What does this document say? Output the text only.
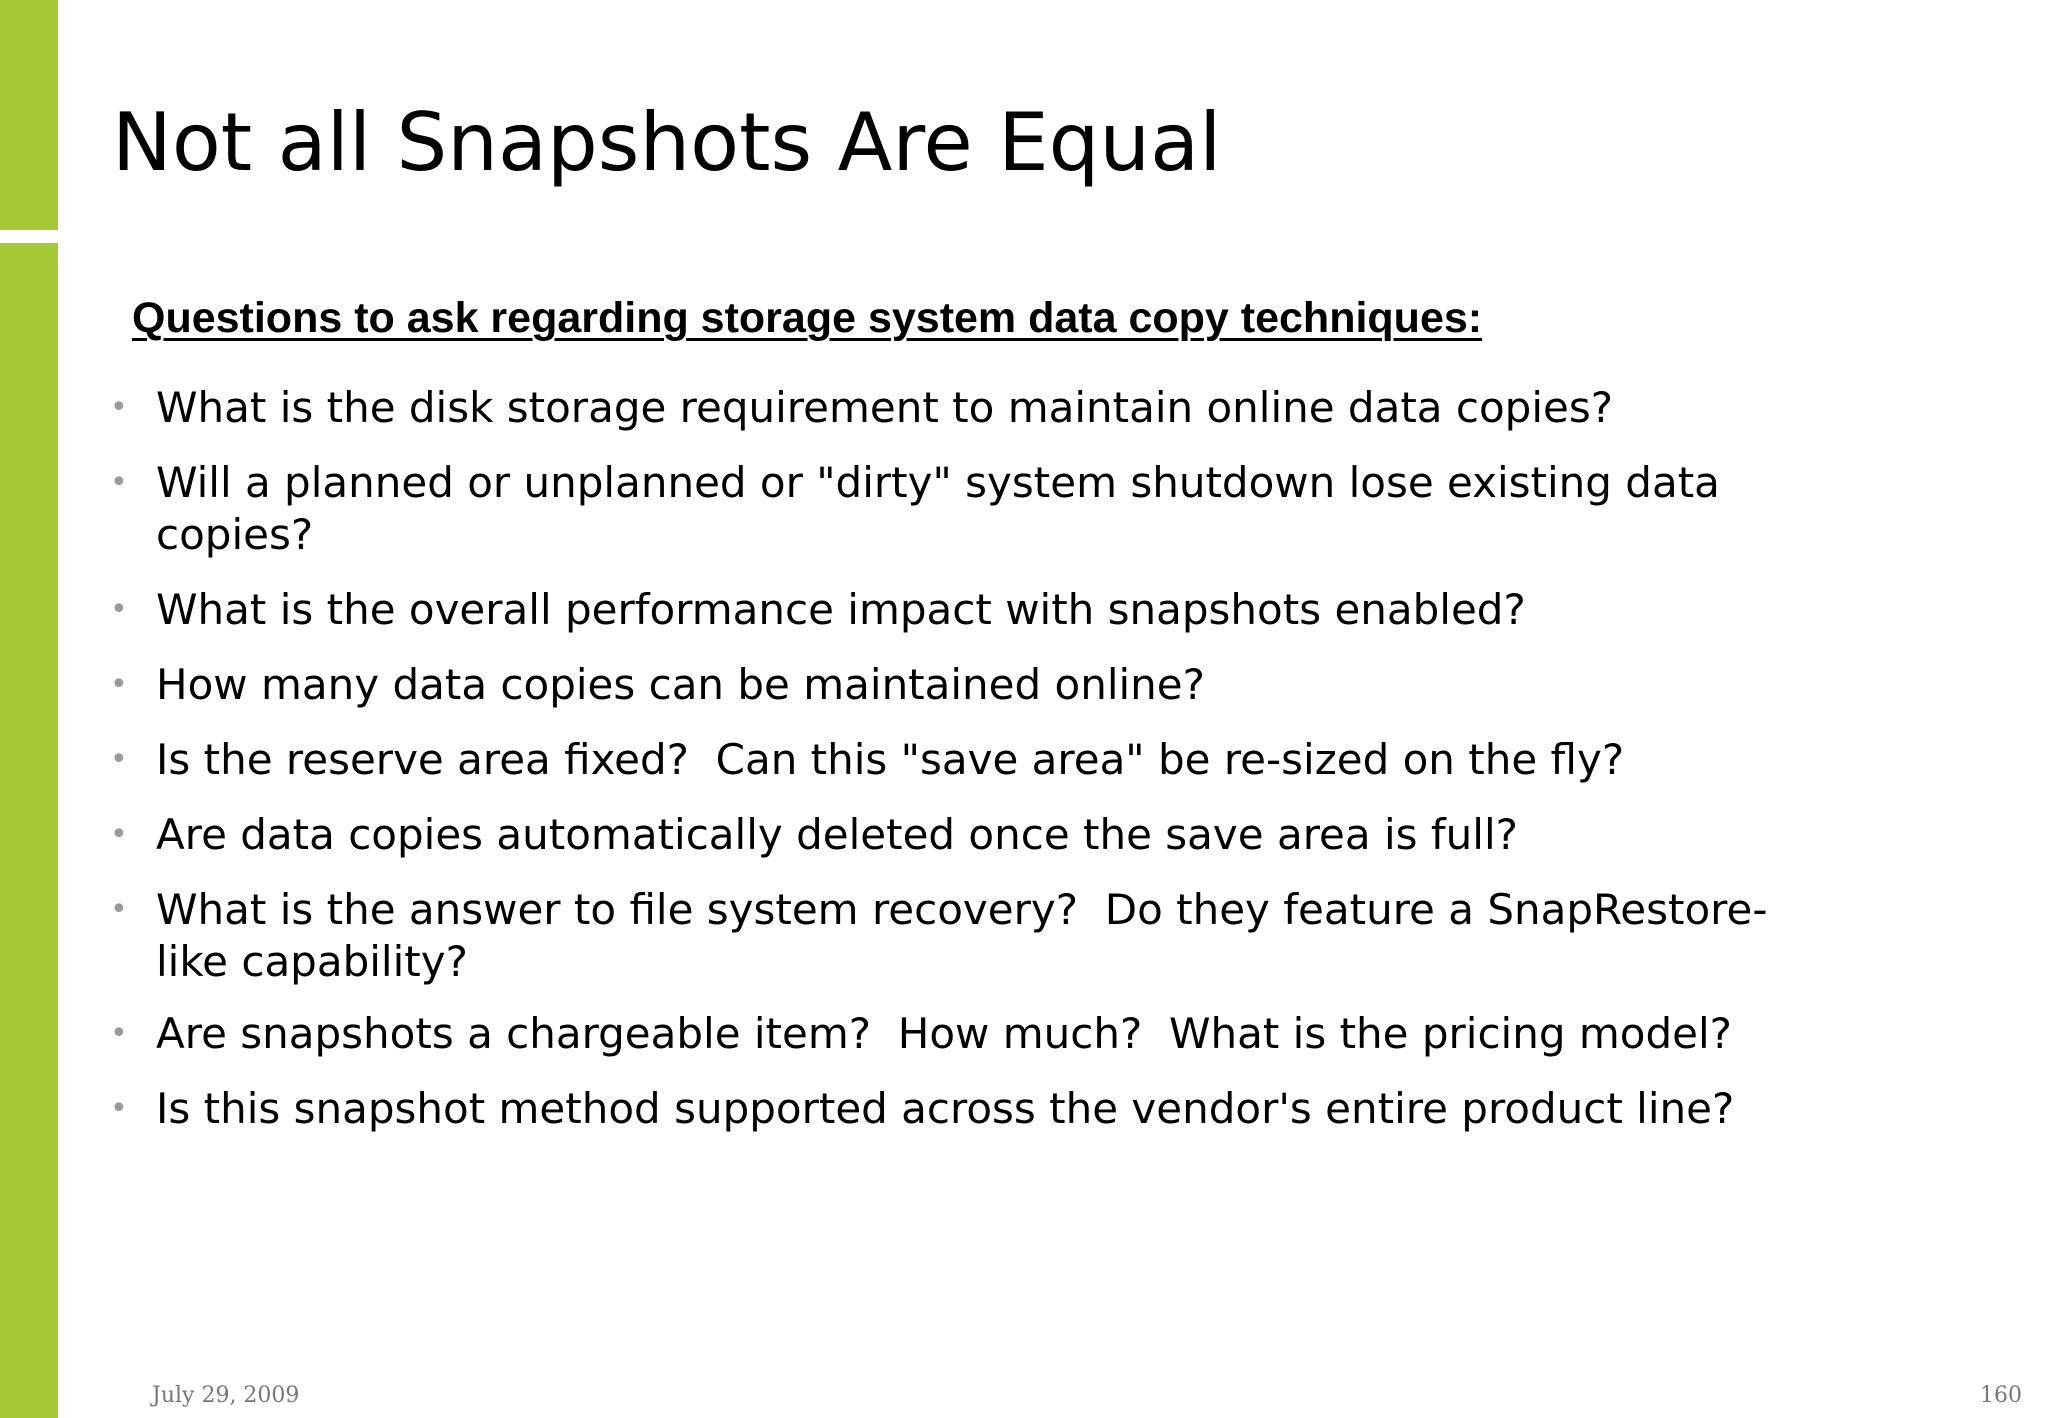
Not all Snapshots Are Equal
Questions to ask regarding storage system data copy techniques:
• What is the disk storage requirement to maintain online data copies?
• Will a planned or unplanned or "dirty" system shutdown lose existing data copies?
• What is the overall performance impact with snapshots enabled?
• How many data copies can be maintained online?
• Is the reserve area fixed?  Can this "save area" be re-sized on the fly?
• Are data copies automatically deleted once the save area is full?
• What is the answer to file system recovery?  Do they feature a SnapRestore-like capability?
• Are snapshots a chargeable item?  How much?  What is the pricing model?
• Is this snapshot method supported across the vendor's entire product line?
July 29, 2009	160
